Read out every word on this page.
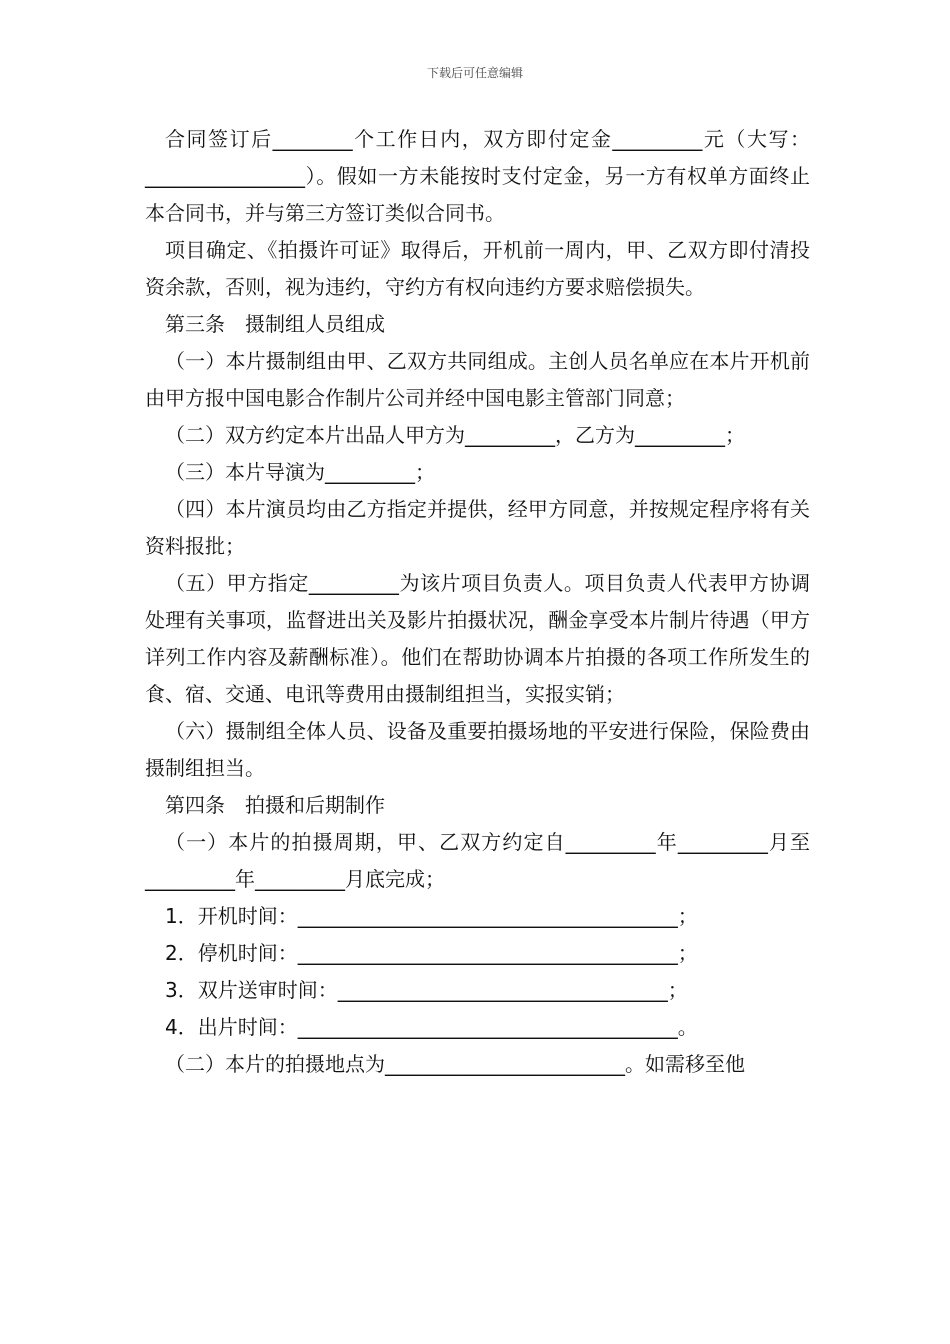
下载后可任意编辑

合同签订后________个工作日内，双方即付定金_________元（大写：________________）。假如一方未能按时支付定金，另一方有权单方面终止本合同书，并与第三方签订类似合同书。

项目确定、《拍摄许可证》取得后，开机前一周内，甲、乙双方即付清投资余款，否则，视为违约，守约方有权向违约方要求赔偿损失。

第三条　摄制组人员组成

（一）本片摄制组由甲、乙双方共同组成。主创人员名单应在本片开机前由甲方报中国电影合作制片公司并经中国电影主管部门同意；

（二）双方约定本片出品人甲方为_________，乙方为_________；

（三）本片导演为_________；

（四）本片演员均由乙方指定并提供，经甲方同意，并按规定程序将有关资料报批；

（五）甲方指定_________为该片项目负责人。项目负责人代表甲方协调处理有关事项，监督进出关及影片拍摄状况，酬金享受本片制片待遇（甲方详列工作内容及薪酬标准）。他们在帮助协调本片拍摄的各项工作所发生的食、宿、交通、电讯等费用由摄制组担当，实报实销；

（六）摄制组全体人员、设备及重要拍摄场地的平安进行保险，保险费由摄制组担当。

第四条　拍摄和后期制作

（一）本片的拍摄周期，甲、乙双方约定自_________年_________月至_________年_________月底完成；

1．开机时间：______________________________________；

2．停机时间：______________________________________；

3．双片送审时间：_________________________________；

4．出片时间：______________________________________。

（二）本片的拍摄地点为________________________。如需移至他
